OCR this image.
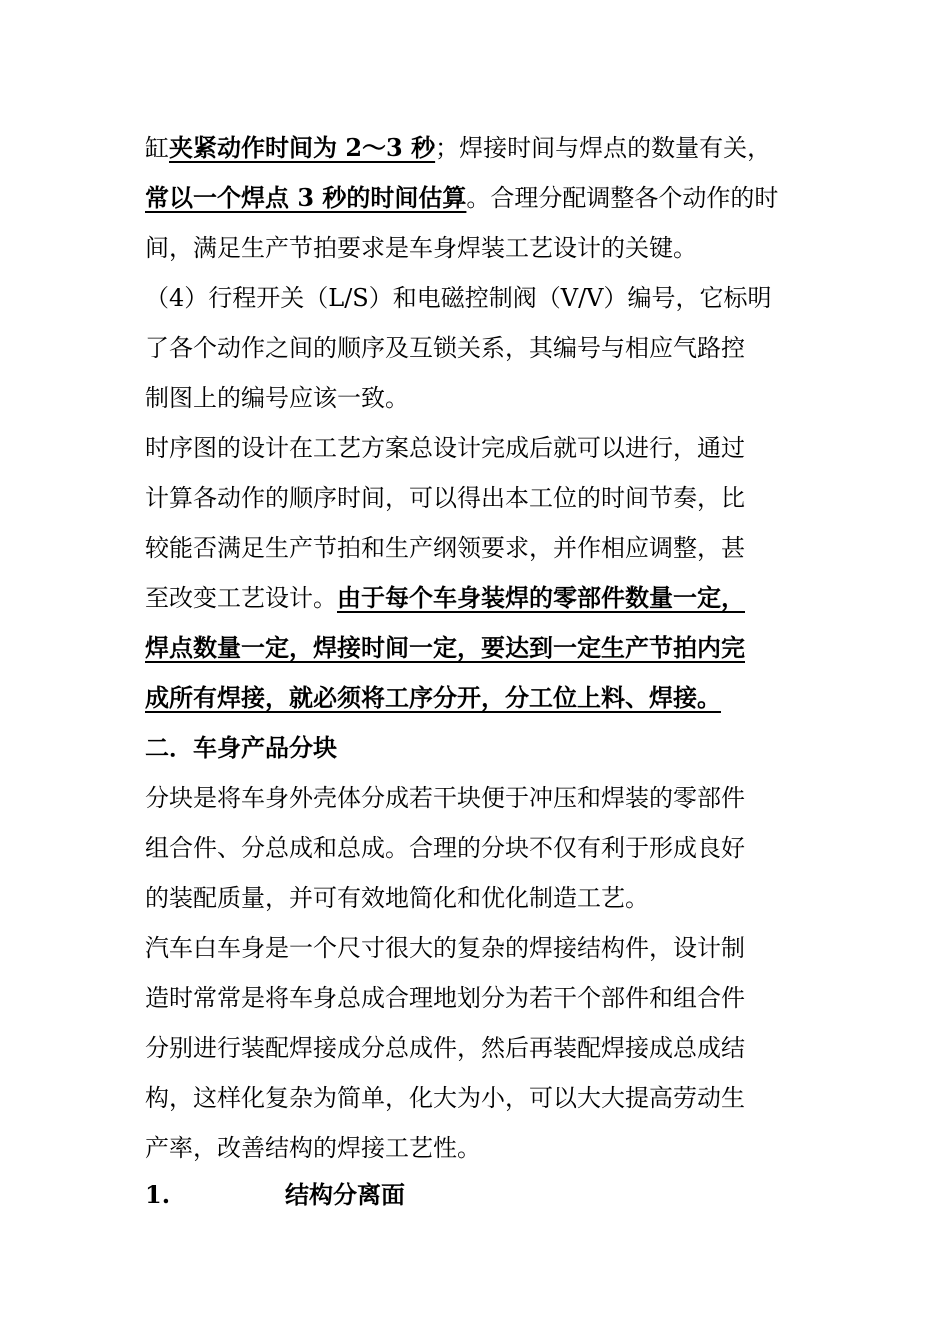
缸夹紧动作时间为 2～3 秒；焊接时间与焊点的数量有关，
常以一个焊点 3 秒的时间估算。合理分配调整各个动作的时
间，满足生产节拍要求是车身焊装工艺设计的关键。
（4）行程开关（L/S）和电磁控制阀（V/V）编号，它标明
了各个动作之间的顺序及互锁关系，其编号与相应气路控
制图上的编号应该一致。
时序图的设计在工艺方案总设计完成后就可以进行，通过
计算各动作的顺序时间，可以得出本工位的时间节奏，比
较能否满足生产节拍和生产纲领要求，并作相应调整，甚
至改变工艺设计。由于每个车身装焊的零部件数量一定，
焊点数量一定，焊接时间一定，要达到一定生产节拍内完
成所有焊接，就必须将工序分开，分工位上料、焊接。
二．车身产品分块
分块是将车身外壳体分成若干块便于冲压和焊装的零部件
组合件、分总成和总成。合理的分块不仅有利于形成良好
的装配质量，并可有效地简化和优化制造工艺。
汽车白车身是一个尺寸很大的复杂的焊接结构件，设计制
造时常常是将车身总成合理地划分为若干个部件和组合件
分别进行装配焊接成分总成件，然后再装配焊接成总成结
构，这样化复杂为简单，化大为小，可以大大提高劳动生
产率，改善结构的焊接工艺性。
1.	结构分离面
